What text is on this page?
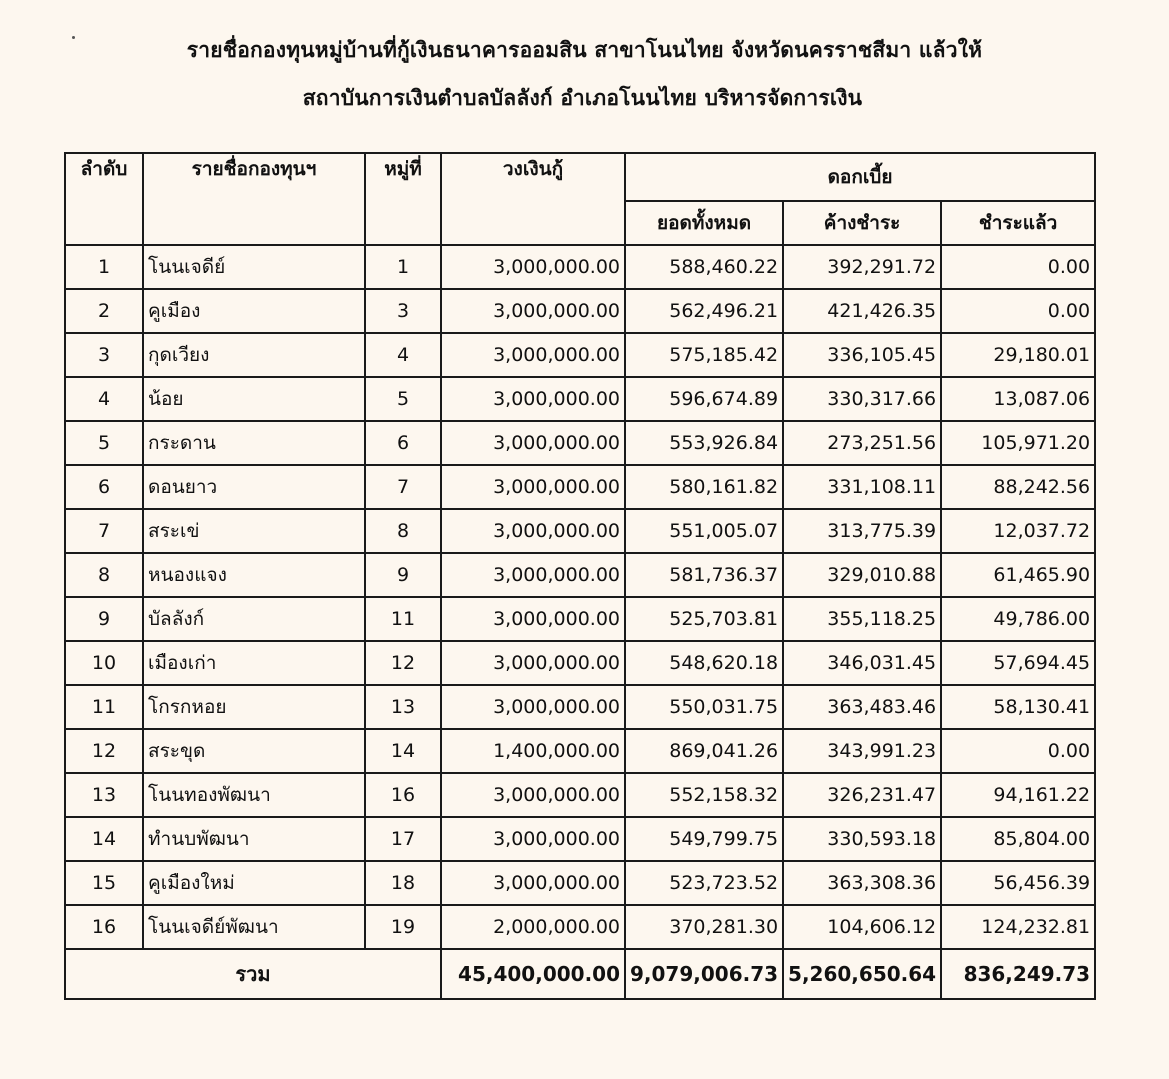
รายชื่อกองทุนหมู่บ้านที่กู้เงินธนาคารออมสิน สาขาโนนไทย จังหวัดนครราชสีมา แล้วให้
สถาบันการเงินตำบลบัลลังก์ อำเภอโนนไทย บริหารจัดการเงิน
ลำดับ	รายชื่อกองทุนฯ	หมู่ที่	วงเงินกู้	ดอกเบี้ย		
				ยอดทั้งหมด	ค้างชำระ	ชำระแล้ว
1	โนนเจดีย์	1	3,000,000.00	588,460.22	392,291.72	0.00
2	คูเมือง	3	3,000,000.00	562,496.21	421,426.35	0.00
3	กุดเวียง	4	3,000,000.00	575,185.42	336,105.45	29,180.01
4	น้อย	5	3,000,000.00	596,674.89	330,317.66	13,087.06
5	กระดาน	6	3,000,000.00	553,926.84	273,251.56	105,971.20
6	ดอนยาว	7	3,000,000.00	580,161.82	331,108.11	88,242.56
7	สระเข่	8	3,000,000.00	551,005.07	313,775.39	12,037.72
8	หนองแจง	9	3,000,000.00	581,736.37	329,010.88	61,465.90
9	บัลลังก์	11	3,000,000.00	525,703.81	355,118.25	49,786.00
10	เมืองเก่า	12	3,000,000.00	548,620.18	346,031.45	57,694.45
11	โกรกหอย	13	3,000,000.00	550,031.75	363,483.46	58,130.41
12	สระขุด	14	1,400,000.00	869,041.26	343,991.23	0.00
13	โนนทองพัฒนา	16	3,000,000.00	552,158.32	326,231.47	94,161.22
14	ทำนบพัฒนา	17	3,000,000.00	549,799.75	330,593.18	85,804.00
15	คูเมืองใหม่	18	3,000,000.00	523,723.52	363,308.36	56,456.39
16	โนนเจดีย์พัฒนา	19	2,000,000.00	370,281.30	104,606.12	124,232.81
รวม			45,400,000.00	9,079,006.73	5,260,650.64	836,249.73
